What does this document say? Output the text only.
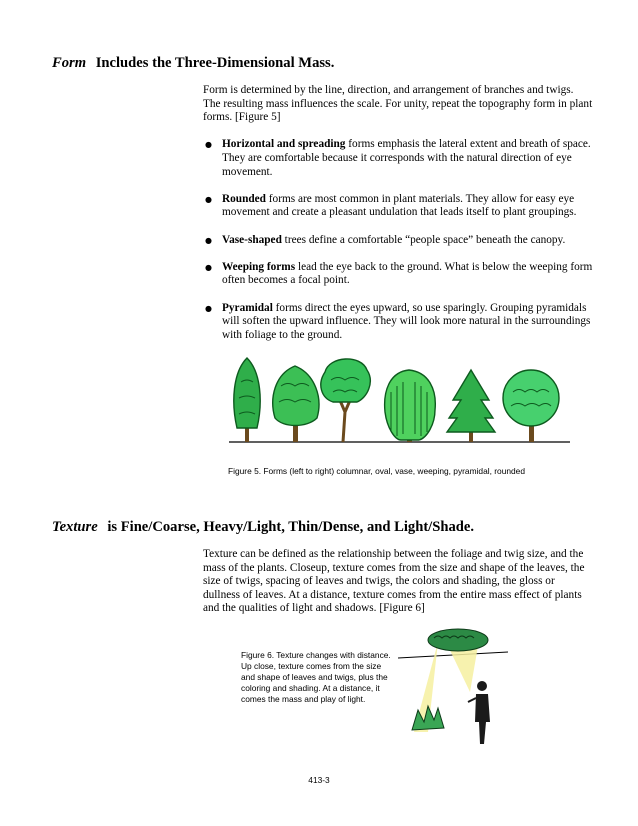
Form Includes the Three-Dimensional Mass.

Form is determined by the line, direction, and arrangement of branches and twigs. The resulting mass influences the scale. For unity, repeat the topography form in plant forms. [Figure 5]

● Horizontal and spreading forms emphasis the lateral extent and breath of space. They are comfortable because it corresponds with the natural direction of eye movement.
● Rounded forms are most common in plant materials. They allow for easy eye movement and create a pleasant undulation that leads itself to plant groupings.
● Vase-shaped trees define a comfortable “people space” beneath the canopy.
● Weeping forms lead the eye back to the ground. What is below the weeping form often becomes a focal point.
● Pyramidal forms direct the eyes upward, so use sparingly. Grouping pyramidals will soften the upward influence. They will look more natural in the surroundings with foliage to the ground.
Figure 5. Forms (left to right) columnar, oval, vase, weeping, pyramidal, rounded
Texture is Fine/Coarse, Heavy/Light, Thin/Dense, and Light/Shade.

Texture can be defined as the relationship between the foliage and twig size, and the mass of the plants. Closeup, texture comes from the size and shape of the leaves, the size of twigs, spacing of leaves and twigs, the colors and shading, the gloss or dullness of leaves. At a distance, texture comes from the entire mass effect of plants and the qualities of light and shadows. [Figure 6]

Figure 6. Texture changes with distance. Up close, texture comes from the size and shape of leaves and twigs, plus the coloring and shading. At a distance, it comes the mass and play of light.
413-3
